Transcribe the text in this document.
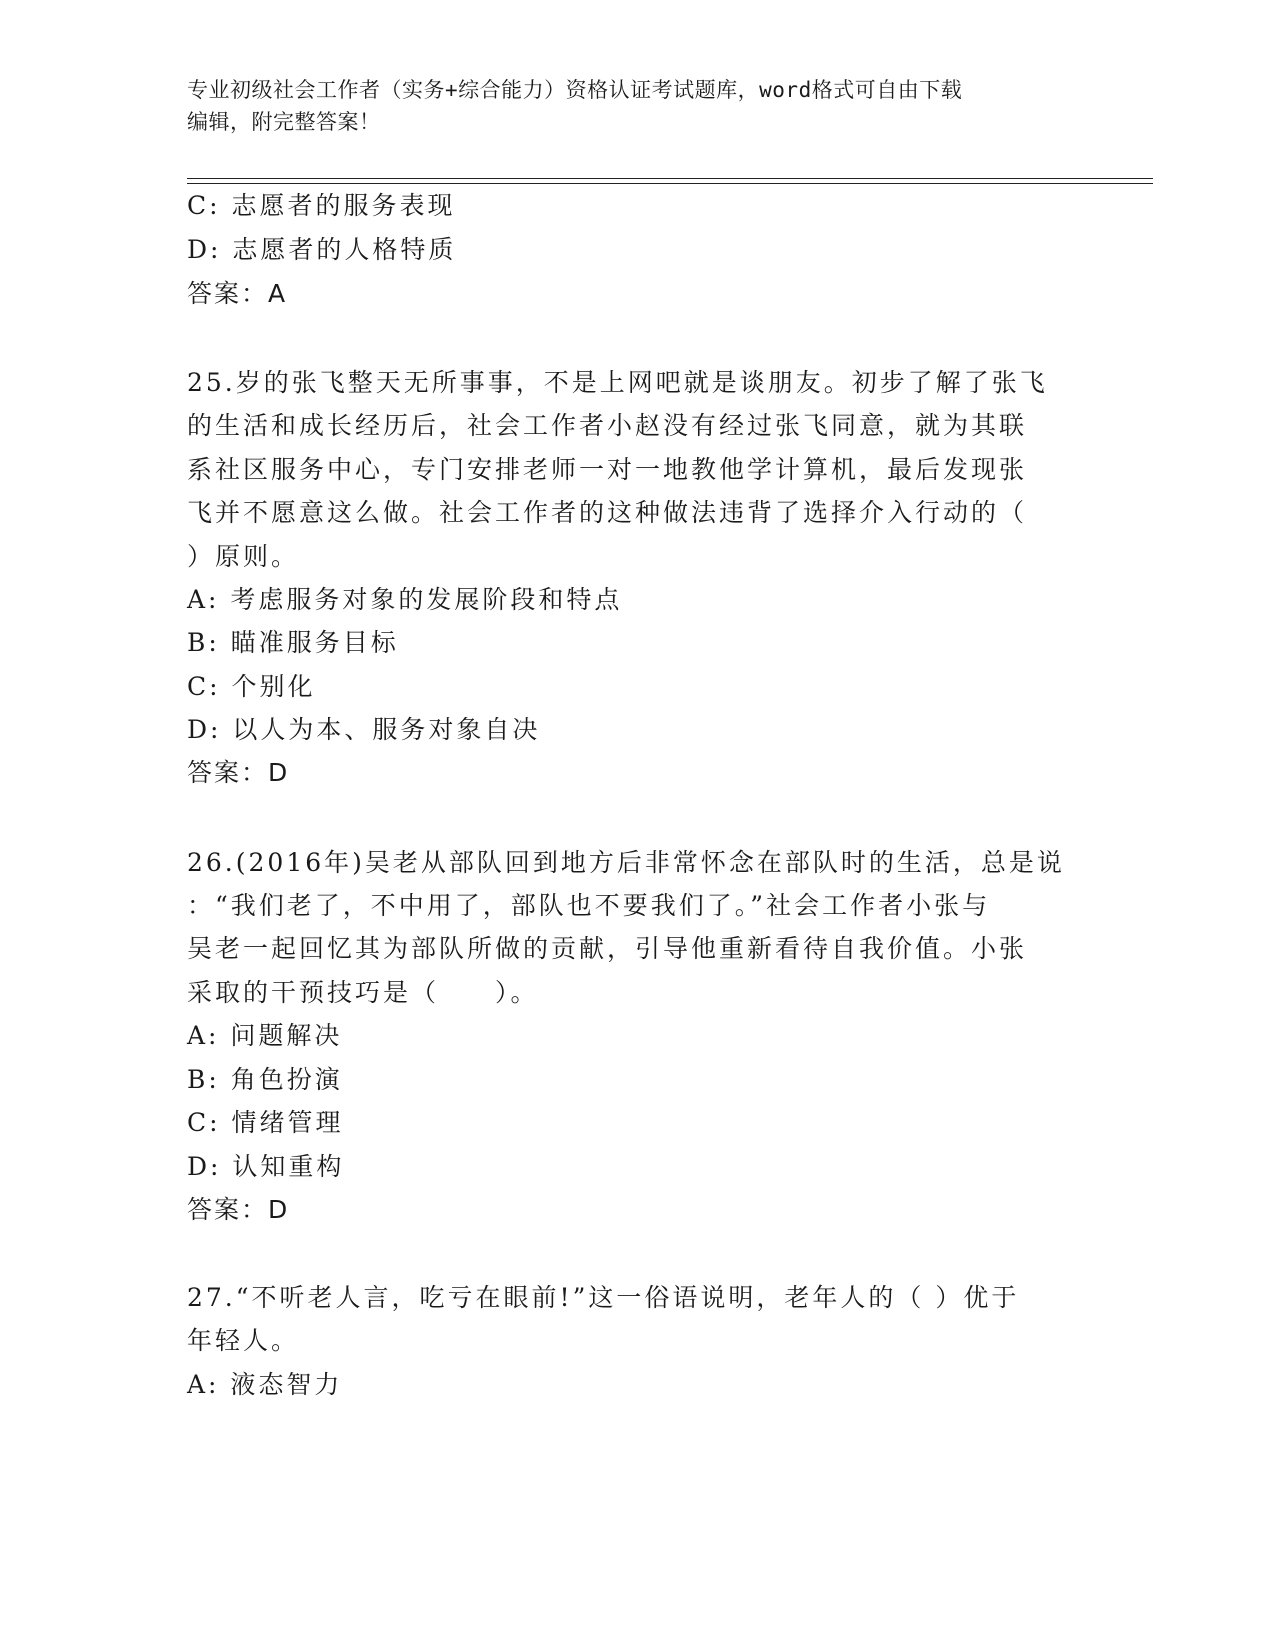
专业初级社会工作者（实务+综合能力）资格认证考试题库，word格式可自由下载
编辑，附完整答案！
C: 志愿者的服务表现
D: 志愿者的人格特质
答案：A
25.岁的张飞整天无所事事，不是上网吧就是谈朋友。初步了解了张飞
的生活和成长经历后，社会工作者小赵没有经过张飞同意，就为其联
系社区服务中心，专门安排老师一对一地教他学计算机，最后发现张
飞并不愿意这么做。社会工作者的这种做法违背了选择介入行动的（
）原则。
A: 考虑服务对象的发展阶段和特点
B: 瞄准服务目标
C: 个别化
D: 以人为本、服务对象自决
答案：D
26.(2016年)吴老从部队回到地方后非常怀念在部队时的生活，总是说
：“我们老了，不中用了，部队也不要我们了。”社会工作者小张与
吴老一起回忆其为部队所做的贡献，引导他重新看待自我价值。小张
采取的干预技巧是（　　）。
A: 问题解决
B: 角色扮演
C: 情绪管理
D: 认知重构
答案：D
27.“不听老人言，吃亏在眼前!”这一俗语说明，老年人的（ ）优于
年轻人。
A: 液态智力
